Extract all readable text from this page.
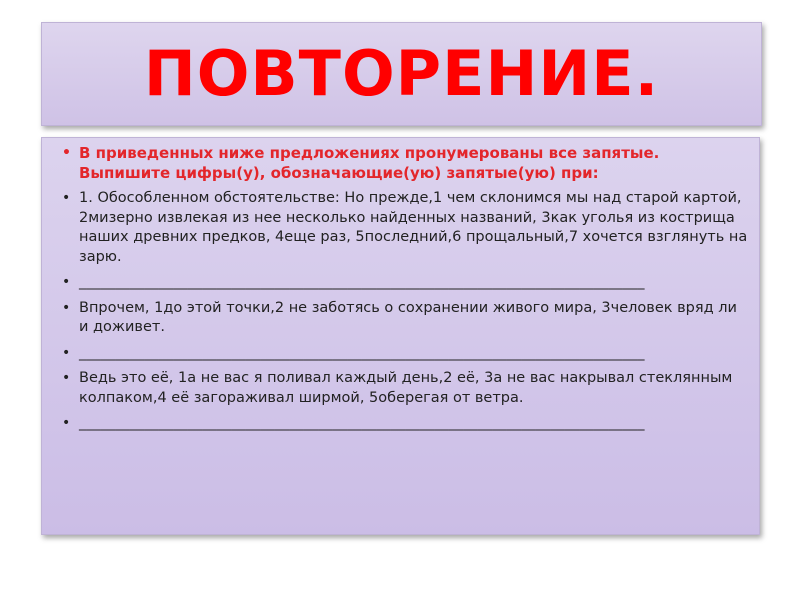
ПОВТОРЕНИЕ.
• В приведенных ниже предложениях пронумерованы все запятые. Выпишите цифры(у), обозначающие(ую) запятые(ую) при:
• 1. Обособленном обстоятельстве: Но прежде,1 чем склонимся мы над старой картой, 2мизерно извлекая из нее несколько найденных названий, 3как уголья из кострища наших древних предков, 4еще раз, 5последний,6 прощальный,7 хочется взглянуть на зарю.
• ______________________________________________________________________________
• Впрочем, 1до этой точки,2 не заботясь о сохранении живого мира, 3человек вряд ли и доживет.
• ______________________________________________________________________________
• Ведь это её, 1а не вас я поливал каждый день,2 её, 3а не вас накрывал стеклянным колпаком,4 её загораживал ширмой, 5оберегая от ветра.
• ______________________________________________________________________________
